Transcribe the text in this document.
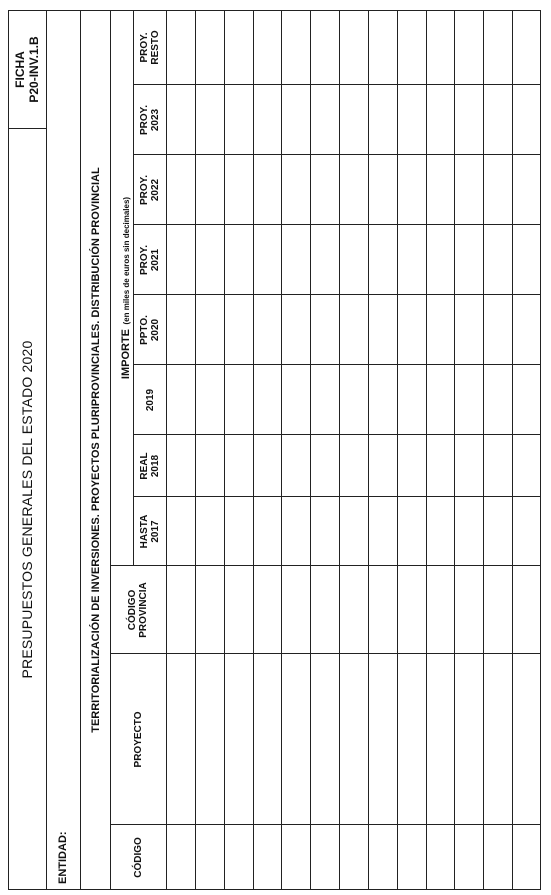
PRESUPUESTOS GENERALES DEL ESTADO 2020
FICHA P20-INV.1.B
ENTIDAD:
TERRITORIALIZACIÓN DE INVERSIONES. PROYECTOS PLURIPROVINCIALES. DISTRIBUCIÓN PROVINCIAL IMPORTE (en miles de euros sin decimales)
CÓDIGO
PROYECTO
CÓDIGO PROVINCIA
HASTA 2017
REAL 2018
2019
PPTO. 2020
PROY. 2021
PROY. 2022
PROY. 2023
PROY. RESTO
